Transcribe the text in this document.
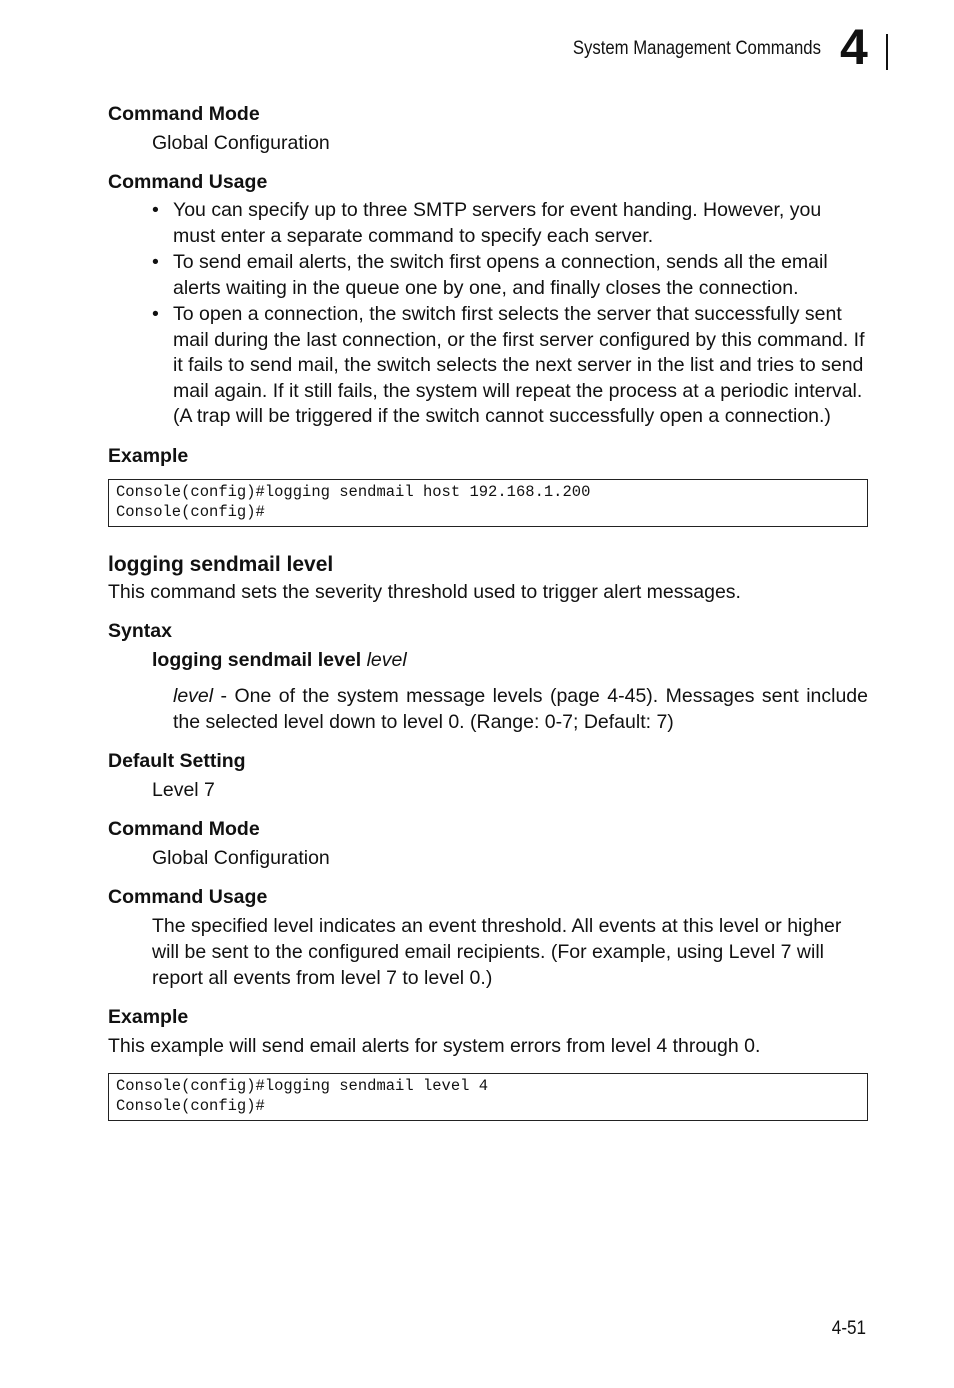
System Management Commands 4
Command Mode
Global Configuration
Command Usage
• You can specify up to three SMTP servers for event handing. However, you must enter a separate command to specify each server.
• To send email alerts, the switch first opens a connection, sends all the email alerts waiting in the queue one by one, and finally closes the connection.
• To open a connection, the switch first selects the server that successfully sent mail during the last connection, or the first server configured by this command. If it fails to send mail, the switch selects the next server in the list and tries to send mail again. If it still fails, the system will repeat the process at a periodic interval. (A trap will be triggered if the switch cannot successfully open a connection.)
Example
Console(config)#logging sendmail host 192.168.1.200
Console(config)#
logging sendmail level
This command sets the severity threshold used to trigger alert messages.
Syntax
logging sendmail level level
level - One of the system message levels (page 4-45). Messages sent include the selected level down to level 0. (Range: 0-7; Default: 7)
Default Setting
Level 7
Command Mode
Global Configuration
Command Usage
The specified level indicates an event threshold. All events at this level or higher will be sent to the configured email recipients. (For example, using Level 7 will report all events from level 7 to level 0.)
Example
This example will send email alerts for system errors from level 4 through 0.
Console(config)#logging sendmail level 4
Console(config)#
4-51
